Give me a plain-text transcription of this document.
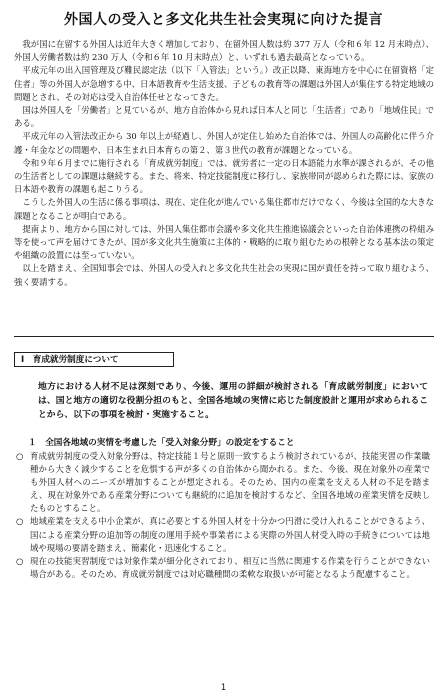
外国人の受入と多文化共生社会実現に向けた提言

我が国に在留する外国人は近年大きく増加しており、在留外国人数は約 377 万人（令和６年 12 月末時点）、外国人労働者数は約 230 万人（令和６年 10 月末時点）と、いずれも過去最高となっている。

平成元年の出入国管理及び難民認定法（以下「入管法」という。）改正以降、東海地方を中心に在留資格「定住者」等の外国人が急増する中、日本語教育や生活支援、子どもの教育等の課題は外国人が集住する特定地域の問題とされ、その対応は受入自治体任せとなってきた。

国は外国人を「労働者」と見ているが、地方自治体から見れば日本人と同じ「生活者」であり「地域住民」である。

平成元年の入管法改正から 30 年以上が経過し、外国人が定住し始めた自治体では、外国人の高齢化に伴う介護・年金などの問題や、日本生まれ日本育ちの第２、第３世代の教育が課題となっている。

令和９年６月までに施行される「育成就労制度」では、就労者に一定の日本語能力水準が課されるが、その他の生活者としての課題は継続する。また、将来、特定技能制度に移行し、家族帯同が認められた際には、家族の日本語や教育の課題も起こりうる。

こうした外国人の生活に係る事項は、現在、定住化が進んでいる集住都市だけでなく、今後は全国的な大きな課題となることが明白である。

提南より、地方から国に対しては、外国人集住都市会議や多文化共生推進協議会といった自治体連携の枠組み等を使って声を届けてきたが、国が多文化共生施策に主体的・戦略的に取り組むための根幹となる基本法の策定や組織の設置には至っていない。

以上を踏まえ、全国知事会では、外国人の受入れと多文化共生社会の実現に国が責任を持って取り組むよう、強く要請する。

Ⅰ　育成就労制度について
地方における人材不足は深刻であり、今後、運用の詳細が検討される「育成就労制度」においては、国と地方の適切な役割分担のもと、全国各地域の実情に応じた制度設計と運用が求められることから、以下の事項を検討・実施すること。
１　全国各地域の実情を考慮した「受入対象分野」の設定をすること
○ 育成就労制度の受入対象分野は、特定技能１号と原則一致するよう検討されているが、技能実習の作業職種から大きく減少することを危惧する声が多くの自治体から聞かれる。また、今後、現在対象外の産業でも外国人材へのニーズが増加することが想定される。そのため、国内の産業を支える人材の不足を踏まえ、現在対象外である産業分野についても継続的に追加を検討するなど、全国各地域の産業実情を反映したものとすること。
○ 地域産業を支える中小企業が、真に必要とする外国人材を十分かつ円滑に受け入れることができるよう、国による産業分野の追加等の制度の運用手続や事業者による実際の外国人材受入時の手続きについては地域や現場の要請を踏まえ、簡素化・迅速化すること。
○ 現在の技能実習制度では対象作業が細分化されており、相互に当然に関連する作業を行うことができない場合がある。そのため、育成就労制度では対応職種間の柔軟な取扱いが可能となるよう配慮すること。
1
